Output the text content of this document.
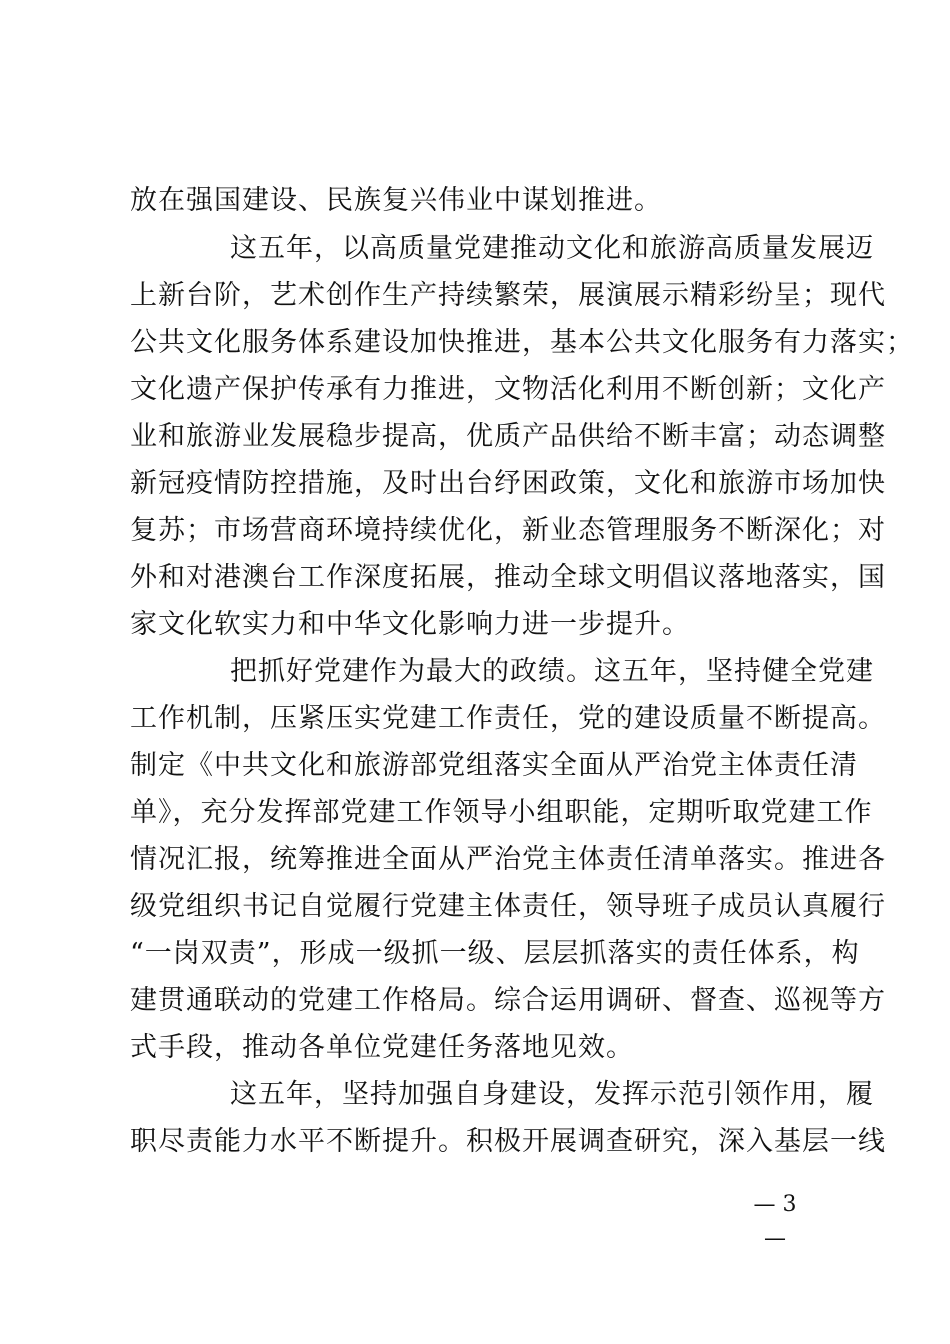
放在强国建设、民族复兴伟业中谋划推进。
这五年，以高质量党建推动文化和旅游高质量发展迈
上新台阶，艺术创作生产持续繁荣，展演展示精彩纷呈；现代
公共文化服务体系建设加快推进，基本公共文化服务有力落实；
文化遗产保护传承有力推进，文物活化利用不断创新；文化产
业和旅游业发展稳步提高，优质产品供给不断丰富；动态调整
新冠疫情防控措施，及时出台纾困政策，文化和旅游市场加快
复苏；市场营商环境持续优化，新业态管理服务不断深化；对
外和对港澳台工作深度拓展，推动全球文明倡议落地落实，国
家文化软实力和中华文化影响力进一步提升。
把抓好党建作为最大的政绩。这五年，坚持健全党建
工作机制，压紧压实党建工作责任，党的建设质量不断提高。
制定《中共文化和旅游部党组落实全面从严治党主体责任清
单》，充分发挥部党建工作领导小组职能，定期听取党建工作
情况汇报，统筹推进全面从严治党主体责任清单落实。推进各
级党组织书记自觉履行党建主体责任，领导班子成员认真履行
“一岗双责”，形成一级抓一级、层层抓落实的责任体系，构
建贯通联动的党建工作格局。综合运用调研、督查、巡视等方
式手段，推动各单位党建任务落地见效。
这五年，坚持加强自身建设，发挥示范引领作用，履
职尽责能力水平不断提升。积极开展调查研究，深入基层一线
— 3 —
